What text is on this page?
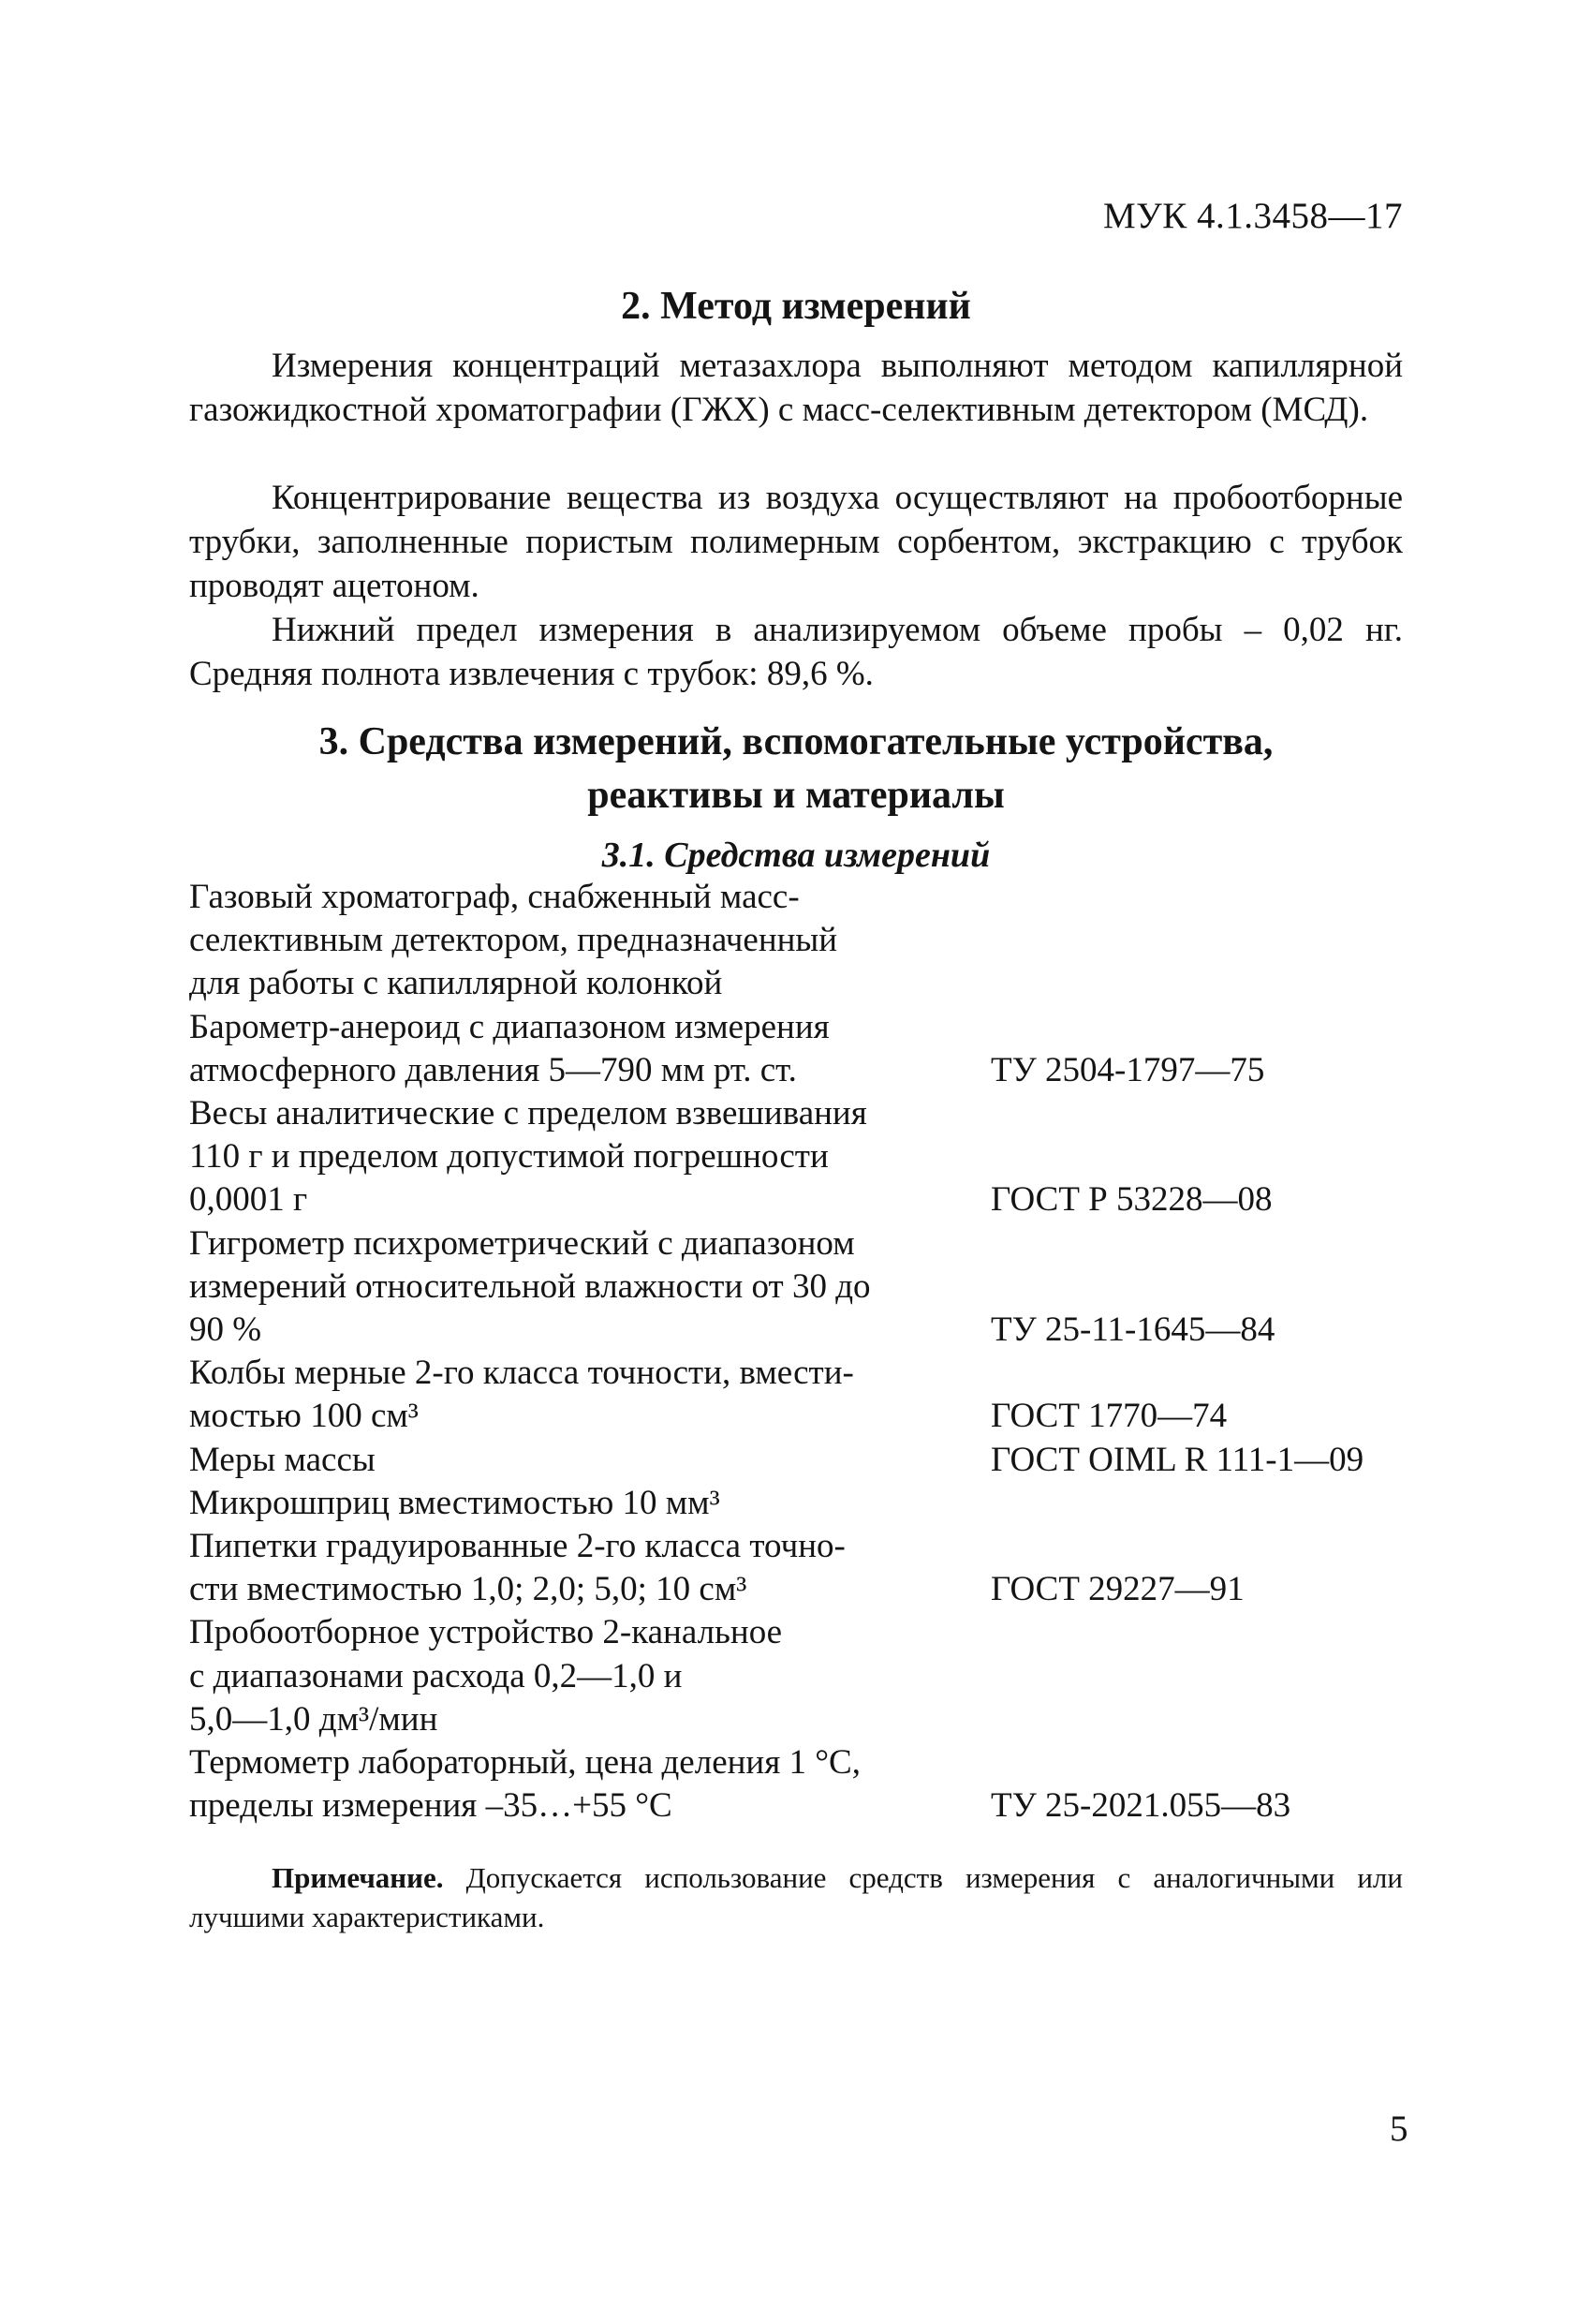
МУК 4.1.3458—17
2. Метод измерений

Измерения концентраций метазахлора выполняют методом капиллярной газожидкостной хроматографии (ГЖХ) с масс-селективным детектором (МСД).

Концентрирование вещества из воздуха осуществляют на пробоотборные трубки, заполненные пористым полимерным сорбентом, экстракцию с трубок проводят ацетоном.

Нижний предел измерения в анализируемом объеме пробы – 0,02 нг. Средняя полнота извлечения с трубок: 89,6 %.

3. Средства измерений, вспомогательные устройства,
реактивы и материалы
3.1. Средства измерений
Газовый хроматограф, снабженный масс-
селективным детектором, предназначенный
для работы с капиллярной колонкой
Барометр-анероид с диапазоном измерения
атмосферного давления 5—790 мм рт. ст.	ТУ 2504-1797—75
Весы аналитические с пределом взвешивания
110 г и пределом допустимой погрешности
0,0001 г	ГОСТ Р 53228—08
Гигрометр психрометрический с диапазоном
измерений относительной влажности от 30 до
90 %	ТУ 25-11-1645—84
Колбы мерные 2-го класса точности, вмести-
мостью 100 см³	ГОСТ 1770—74
Меры массы	ГОСТ OIML R 111-1—09
Микрошприц вместимостью 10 мм³
Пипетки градуированные 2-го класса точно-
сти вместимостью 1,0; 2,0; 5,0; 10 см³	ГОСТ 29227—91
Пробоотборное устройство 2-канальное
с диапазонами расхода 0,2—1,0 и
5,0—1,0 дм³/мин
Термометр лабораторный, цена деления 1 °С,
пределы измерения –35…+55 °С	ТУ 25-2021.055—83

Примечание. Допускается использование средств измерения с аналогичными или лучшими характеристиками.

5
